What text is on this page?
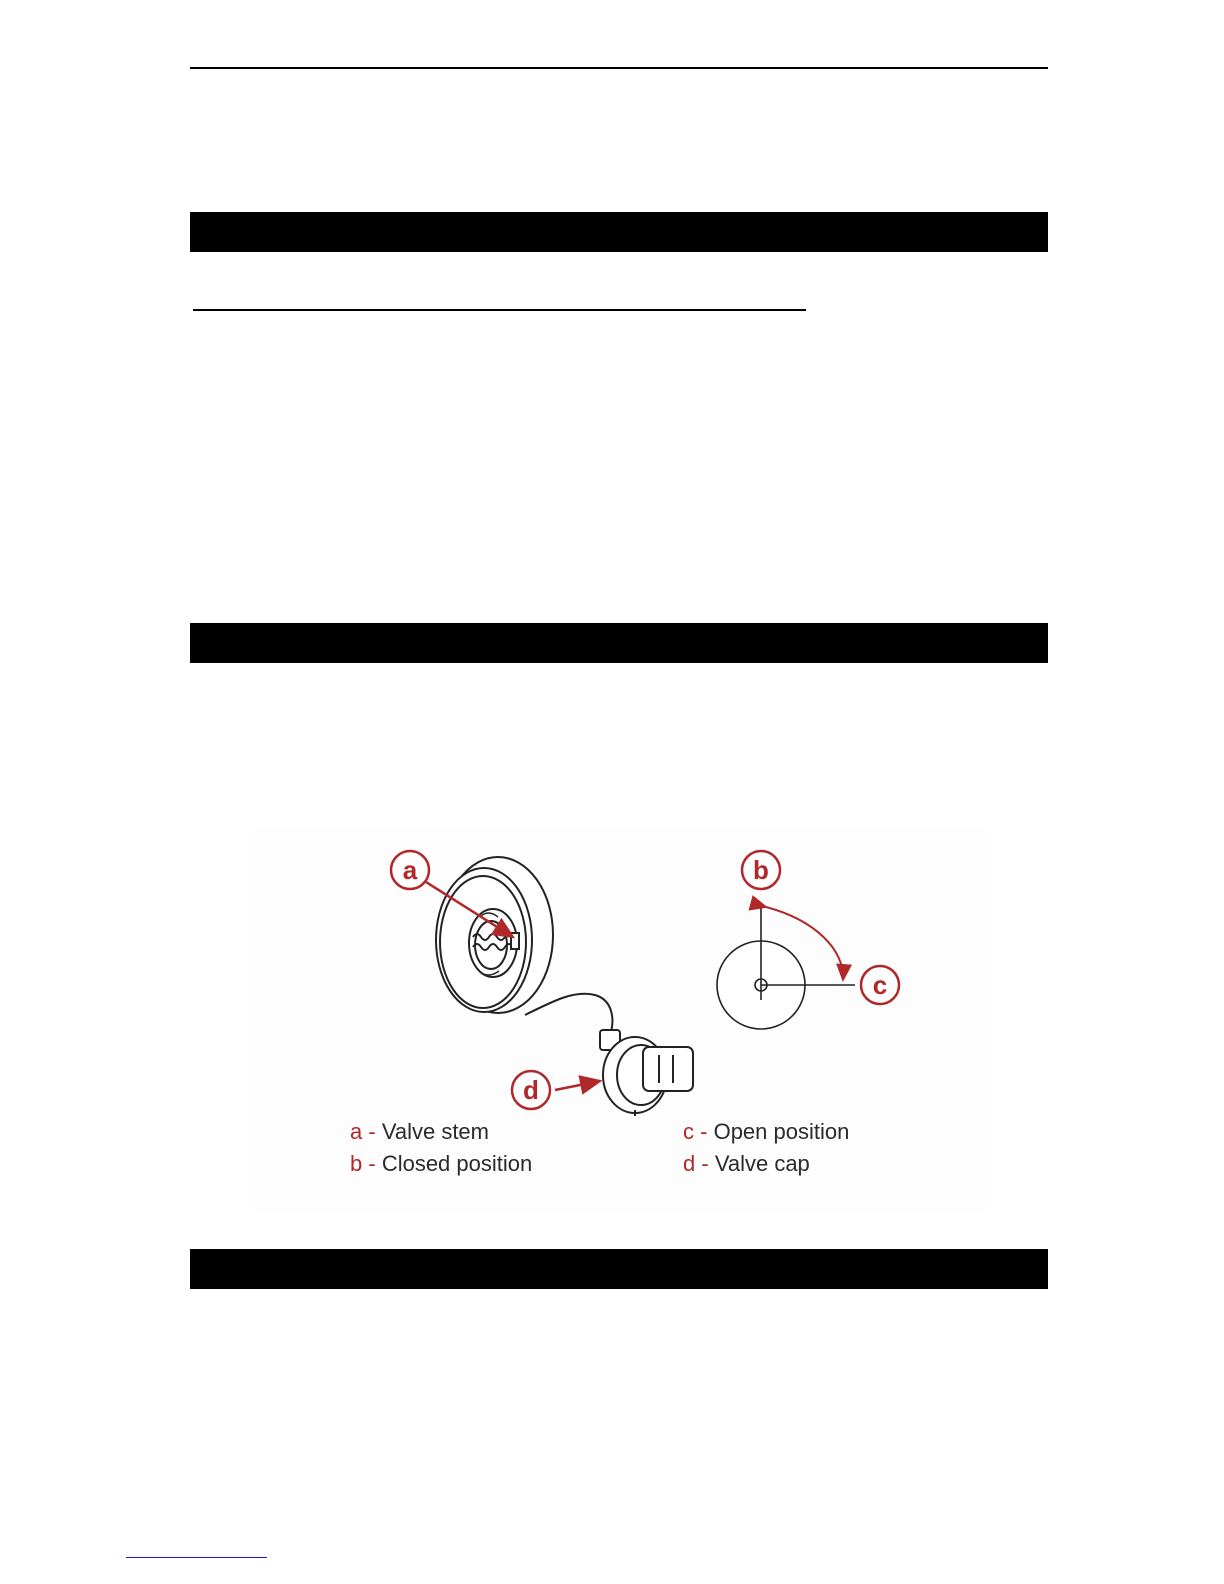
a	b
c
d
a - Valve stem
b - Closed position
c - Open position
d - Valve cap
